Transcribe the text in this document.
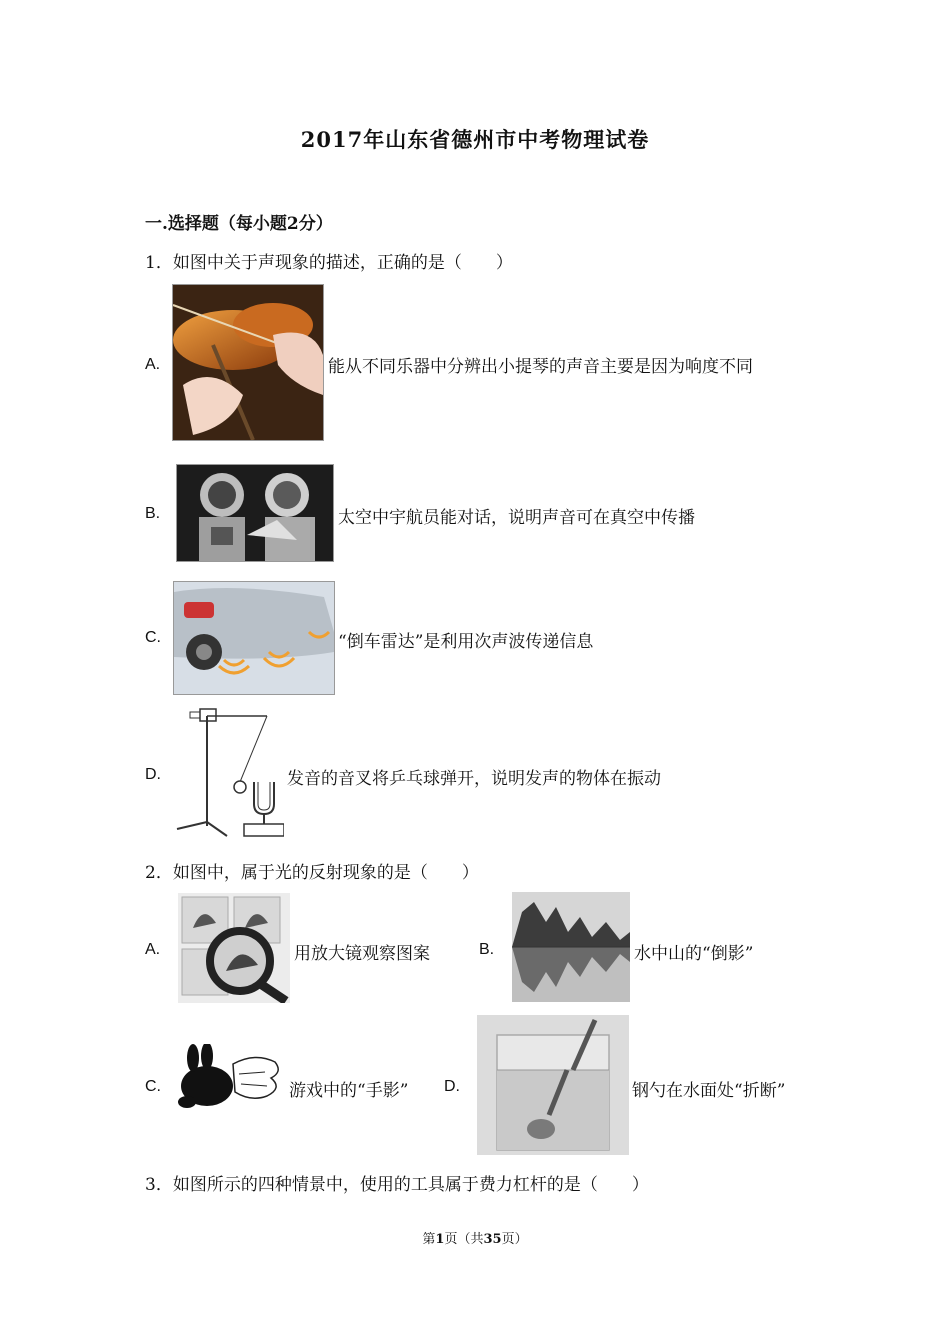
2017年山东省德州市中考物理试卷
一.选择题（每小题2分）
1．如图中关于声现象的描述，正确的是（　　）
A.	能从不同乐器中分辨出小提琴的声音主要是因为响度不同
B.	太空中宇航员能对话，说明声音可在真空中传播
C.	“倒车雷达”是利用次声波传递信息
D.	发音的音叉将乒乓球弹开，说明发声的物体在振动
2．如图中，属于光的反射现象的是（　　）
A.	用放大镜观察图案	B.	水中山的“倒影”
C.	游戏中的“手影” D.	钢勺在水面处“折断”
3．如图所示的四种情景中，使用的工具属于费力杠杆的是（　　）
第1页（共35页）
